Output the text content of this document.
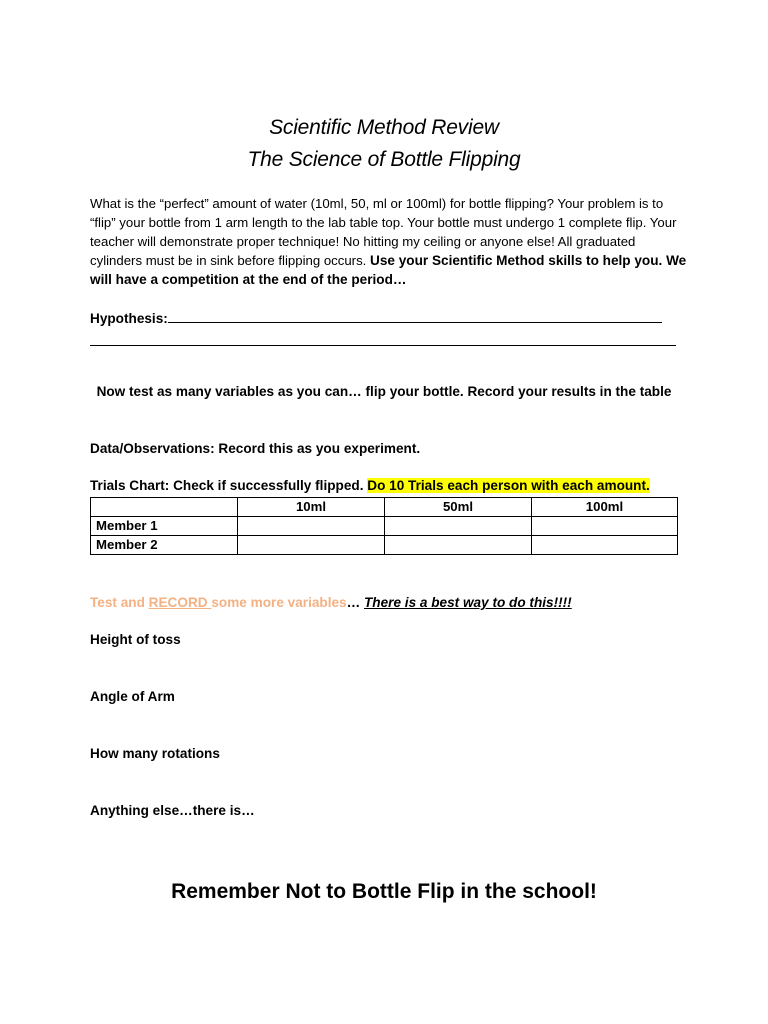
Scientific Method Review
The Science of Bottle Flipping
What is the “perfect” amount of water (10ml, 50, ml or 100ml) for bottle flipping? Your problem is to “flip” your bottle from 1 arm length to the lab table top. Your bottle must undergo 1 complete flip. Your teacher will demonstrate proper technique! No hitting my ceiling or anyone else! All graduated cylinders must be in sink before flipping occurs. Use your Scientific Method skills to help you. We will have a competition at the end of the period…
Hypothesis:
Now test as many variables as you can… flip your bottle. Record your results in the table
Data/Observations: Record this as you experiment.
Trials Chart: Check if successfully flipped. Do 10 Trials each person with each amount.
	10ml	50ml	100ml
Member 1			
Member 2			
Test and RECORD some more variables… There is a best way to do this!!!!
Height of toss
Angle of Arm
How many rotations
Anything else…there is…
Remember Not to Bottle Flip in the school!
